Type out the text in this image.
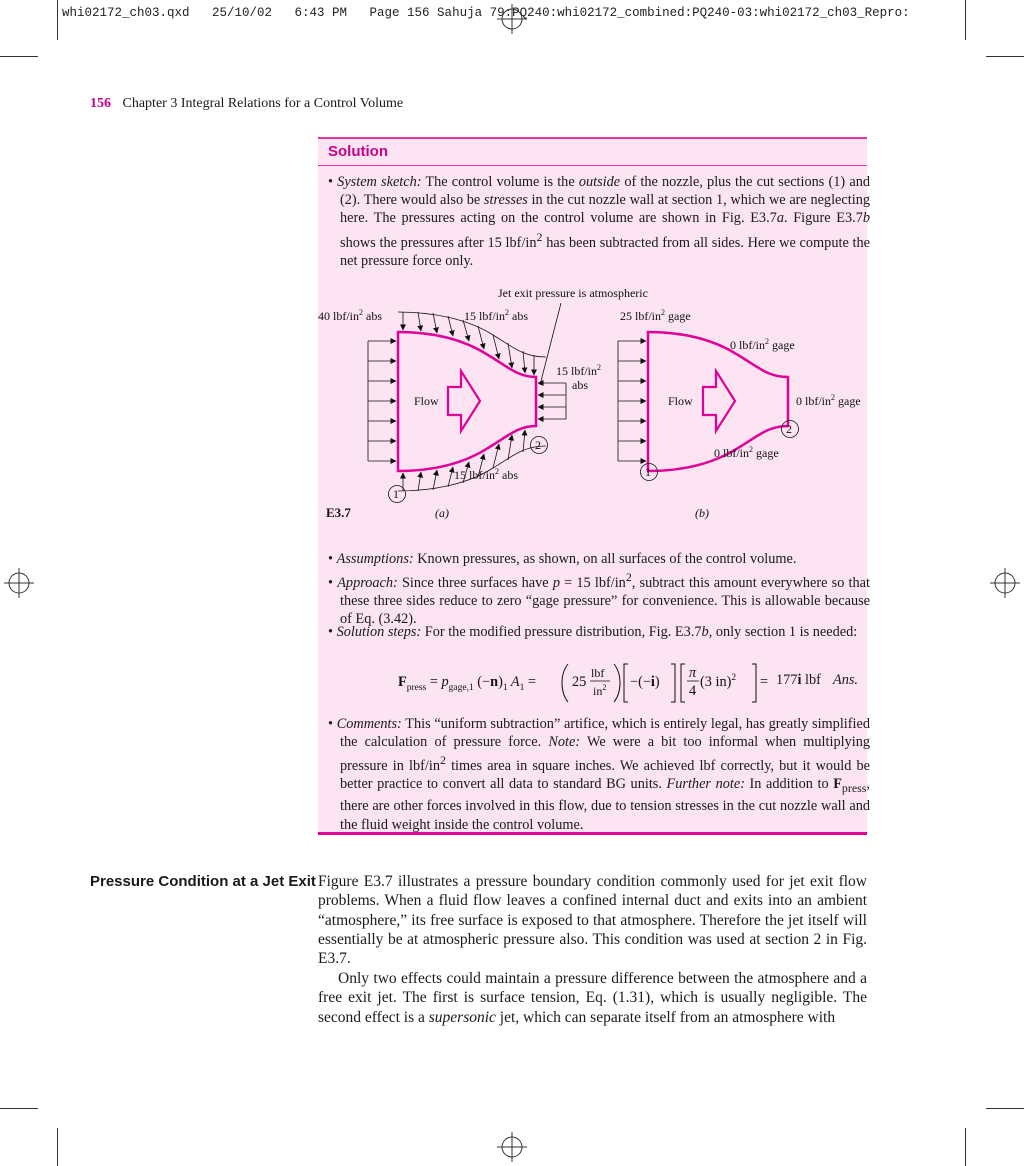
whi02172_ch03.qxd   25/10/02   6:43 PM   Page 156 Sahuja 79:PQ240:whi02172_combined:PQ240-03:whi02172_ch03_Repro:
156 Chapter 3 Integral Relations for a Control Volume
Solution
• System sketch: The control volume is the outside of the nozzle, plus the cut sections (1) and (2). There would also be stresses in the cut nozzle wall at section 1, which we are neglecting here. The pressures acting on the control volume are shown in Fig. E3.7a. Figure E3.7b shows the pressures after 15 lbf/$in^2$ has been subtracted from all sides. Here we compute the net pressure force only.
Jet exit pressure is atmospheric
Flow
40 lbf/$in^2$ abs	15 lbf/$in^2$ abs
15 lbf/$in^2$
abs
15 lbf/$in^2$ abs
1
2
Flow
25 lbf/$in^2$ gage
0 lbf/$in^2$ gage
0 lbf/$in^2$ gage
0 lbf/$in^2$ gage
1
2
E3.7	(a)	(b)
• Assumptions: Known pressures, as shown, on all surfaces of the control volume.
• Approach: Since three surfaces have p = 15 lbf/$in^2$, subtract this amount everywhere so that these three sides reduce to zero “gage pressure” for convenience. This is allowable because of Eq. (3.42).
• Solution steps: For the modified pressure distribution, Fig. E3.7b, only section 1 is needed:
$F_{press} = p_{gage,1}$ $(-n)_1$ $A_1$ =	25
lbf
$in^2 -(-i)$
π
4
(3 in)$^2$ = 177i lbf Ans.
• Comments: This “uniform subtraction” artifice, which is entirely legal, has greatly simplified the calculation of pressure force. Note: We were a bit too informal when multiplying pressure in lbf/$in^2$ times area in square inches. We achieved lbf correctly, but it would be better practice to convert all data to standard BG units. Further note: In addition to $F_{press}$, there are other forces involved in this flow, due to tension stresses in the cut nozzle wall and the fluid weight inside the control volume.
Pressure Condition at a Jet Exit Figure E3.7 illustrates a pressure boundary condition commonly used for jet exit flow problems. When a fluid flow leaves a confined internal duct and exits into an ambient “atmosphere,” its free surface is exposed to that atmosphere. Therefore the jet itself will essentially be at atmospheric pressure also. This condition was used at section 2 in Fig. E3.7.
Only two effects could maintain a pressure difference between the atmosphere and a free exit jet. The first is surface tension, Eq. (1.31), which is usually negligible. The second effect is a supersonic jet, which can separate itself from an atmosphere with
